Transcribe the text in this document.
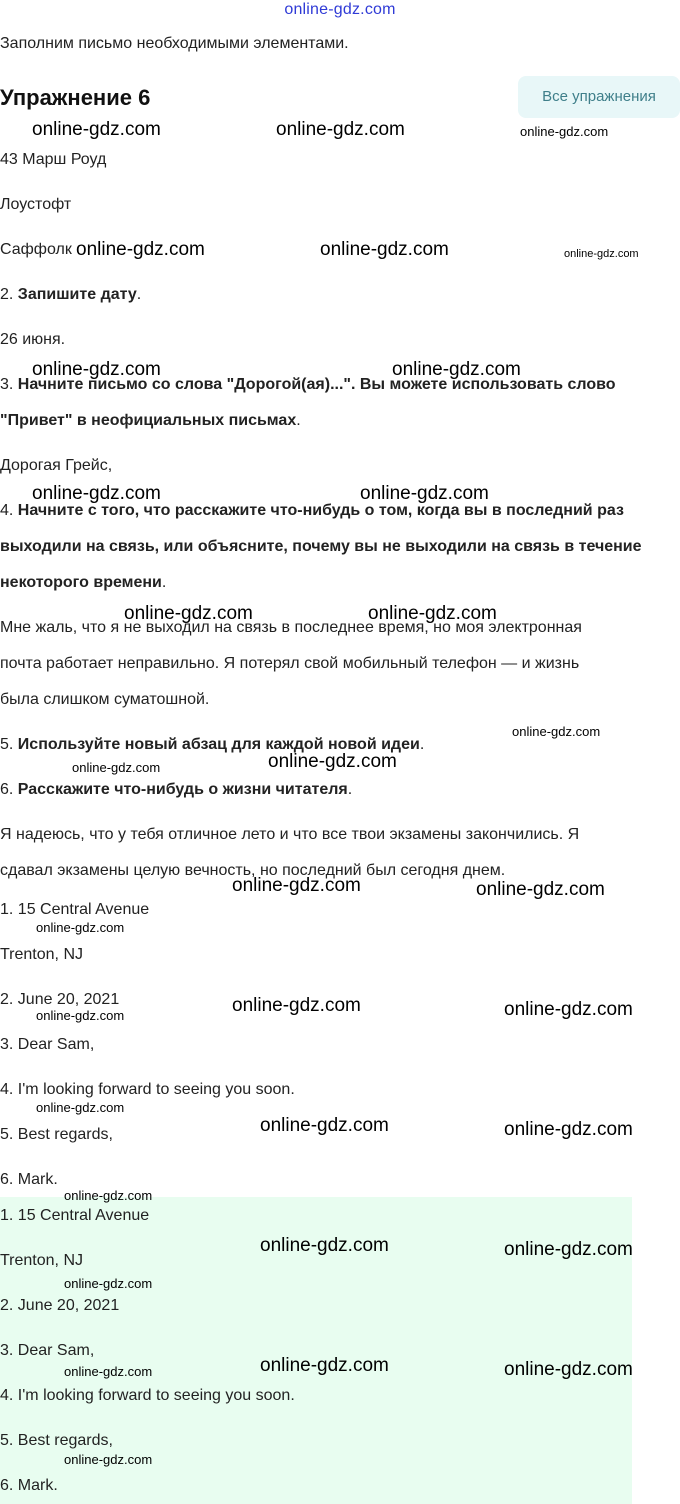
online-gdz.com
Заполним письмо необходимыми элементами.
Упражнение 6	Все упражнения
43 Марш Роуд
Лоустофт
Саффолк
2. Запишите дату.
26 июня.
3. Начните письмо со слова "Дорогой(ая)...". Вы можете использовать слово
"Привет" в неофициальных письмах.
Дорогая Грейс,
4. Начните с того, что расскажите что-нибудь о том, когда вы в последний раз
выходили на связь, или объясните, почему вы не выходили на связь в течение
некоторого времени.
Мне жаль, что я не выходил на связь в последнее время, но моя электронная
почта работает неправильно. Я потерял свой мобильный телефон — и жизнь
была слишком суматошной.
5. Используйте новый абзац для каждой новой идеи.
6. Расскажите что-нибудь о жизни читателя.
Я надеюсь, что у тебя отличное лето и что все твои экзамены закончились. Я
сдавал экзамены целую вечность, но последний был сегодня днем.
1. 15 Central Avenue
Trenton, NJ
2. June 20, 2021
3. Dear Sam,
4. I'm looking forward to seeing you soon.
5. Best regards,
6. Mark.
1. 15 Central Avenue
Trenton, NJ
2. June 20, 2021
3. Dear Sam,
4. I'm looking forward to seeing you soon.
5. Best regards,
6. Mark.
online-gdz.com	online-gdz.com	online-gdz.com
online-gdz.com	online-gdz.com	online-gdz.com
online-gdz.com	online-gdz.com
online-gdz.com	online-gdz.com
online-gdz.com	online-gdz.com
online-gdz.com
online-gdz.com	online-gdz.com
online-gdz.com	online-gdz.com
online-gdz.com
online-gdz.com	online-gdz.com
online-gdz.com
online-gdz.com
online-gdz.com	online-gdz.com
online-gdz.com
online-gdz.com	online-gdz.com
online-gdz.com
online-gdz.com	online-gdz.com
online-gdz.com
online-gdz.com
